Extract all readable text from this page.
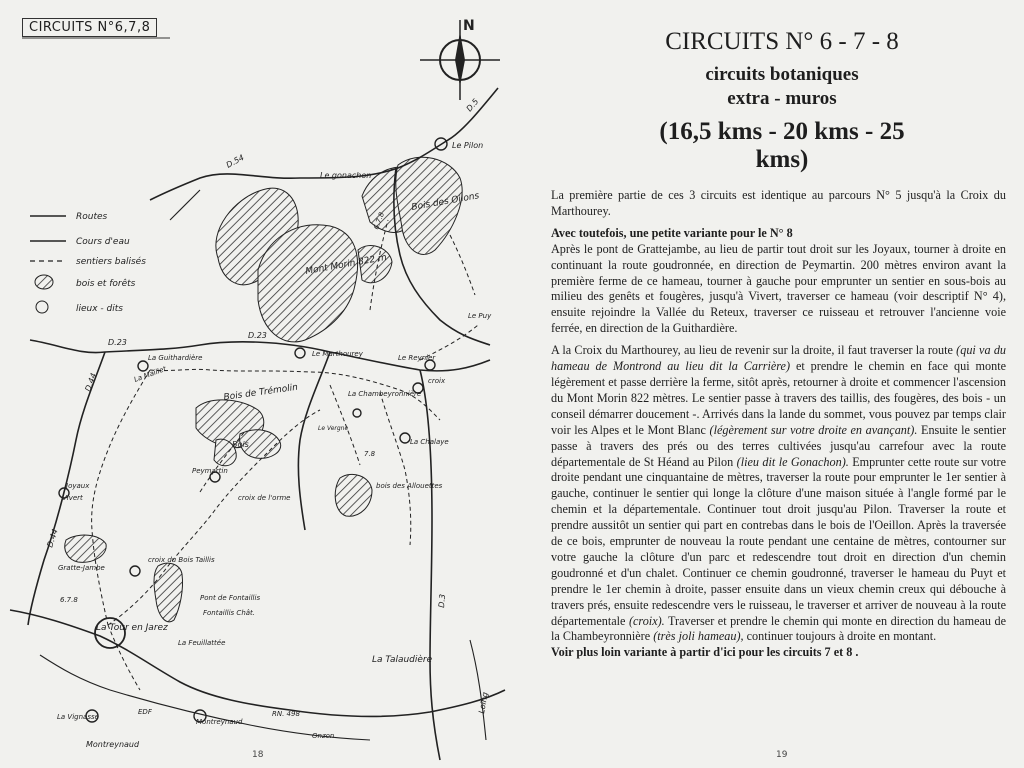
CIRCUITS N°6,7,8	N
Routes
Cours d'eau
sentiers balisés
bois et forêts
lieux - dits
D.5
D.54
Le gonachon
Le Pilon
Bois des Oilons
Mont Morin 822 m
6.7.8
D.23
D.23
Le Puy
La Guithardière
La Maillet
Le Marthourey	Le Reynier
croix
D.44
Bois de Trémolin	La Chambeyronnière
Bois	La Chalaye
7.8
Le Vergne
Peymartin
Joyaux
Vivert	croix de l'orme
bois des Allouettes
D.44
Gratte-Jambe
croix du Bois Taillis
Pont de Fontaillis
Fontaillis Chât.
6.7.8
La Tour en Jarez
La Feuillattée
D.3
La Talaudière
La Vignasse
EDF
Montreynaud
RN. 498
Onzon
Montreynaud
Loing
18
CIRCUITS N° 6 - 7 - 8
circuits botaniques
extra - muros
(16,5 kms - 20 kms - 25 kms)

La première partie de ces 3 circuits est identique au parcours N° 5 jusqu'à la Croix du Marthourey.

Avec toutefois, une petite variante pour le N° 8

Après le pont de Grattejambe, au lieu de partir tout droit sur les Joyaux, tourner à droite en continuant la route goudronnée, en direction de Peymartin. 200 mètres environ avant la première ferme de ce hameau, tourner à gauche pour emprunter un sentier en sous-bois au milieu des genêts et fougères, jusqu'à Vivert, traverser ce hameau (voir descriptif N° 4), ensuite rejoindre la Vallée du Reteux, traverser ce ruisseau et retrouver l'ancienne voie ferrée, en direction de la Guithardière.

A la Croix du Marthourey, au lieu de revenir sur la droite, il faut traverser la route (qui va du hameau de Montrond au lieu dit la Carrière) et prendre le chemin en face qui monte légèrement et passe derrière la ferme, sitôt après, retourner à droite et commencer l'ascension du Mont Morin 822 mètres. Le sentier passe à travers des taillis, des fougères, des bois - un conseil démarrer doucement -. Arrivés dans la lande du sommet, vous pouvez par temps clair voir les Alpes et le Mont Blanc (légèrement sur votre droite en avançant). Ensuite le sentier passe à travers des prés ou des terres cultivées jusqu'au carrefour avec la route départementale de St Héand au Pilon (lieu dit le Gonachon). Emprunter cette route sur votre droite pendant une cinquantaine de mètres, traverser la route pour emprunter le 1er sentier à gauche, continuer le sentier qui longe la clôture d'une maison située à l'angle formé par le chemin et la départementale. Continuer tout droit jusqu'au Pilon. Traverser la route et prendre aussitôt un sentier qui part en contrebas dans le bois de l'Oeillon. Après la traversée de ce bois, emprunter de nouveau la route pendant une centaine de mètres, contourner sur votre gauche la clôture d'un parc et redescendre tout droit en direction d'un chemin goudronné et d'un chalet. Continuer ce chemin goudronné, traverser le hameau du Puyt et prendre le 1er chemin à droite, passer ensuite dans un vieux chemin creux qui débouche à travers prés, ensuite redescendre vers le ruisseau, le traverser et arriver de nouveau à la route départementale (croix). Traverser et prendre le chemin qui monte en direction du hameau de la Chambeyronnière (très joli hameau), continuer toujours à droite en montant.
Voir plus loin variante à partir d'ici pour les circuits 7 et 8 .

19
